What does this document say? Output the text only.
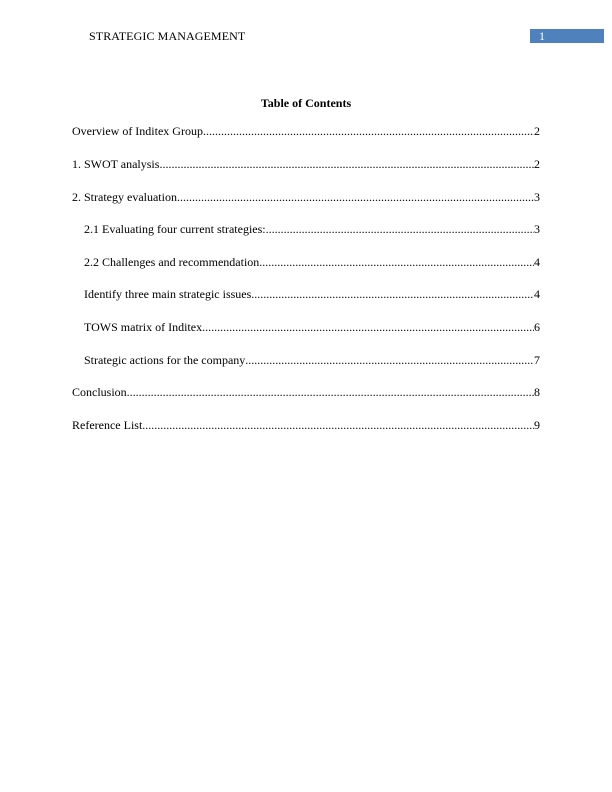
STRATEGIC MANAGEMENT	1
Table of Contents
Overview of Inditex Group .....	2
1. SWOT analysis .....	2
2. Strategy evaluation .....	3
2.1 Evaluating four current strategies: .....	3
2.2 Challenges and recommendation .....	4
Identify three main strategic issues .....	4
TOWS matrix of Inditex .....	6
Strategic actions for the company .....	7
Conclusion .....	8
Reference List .....	9
